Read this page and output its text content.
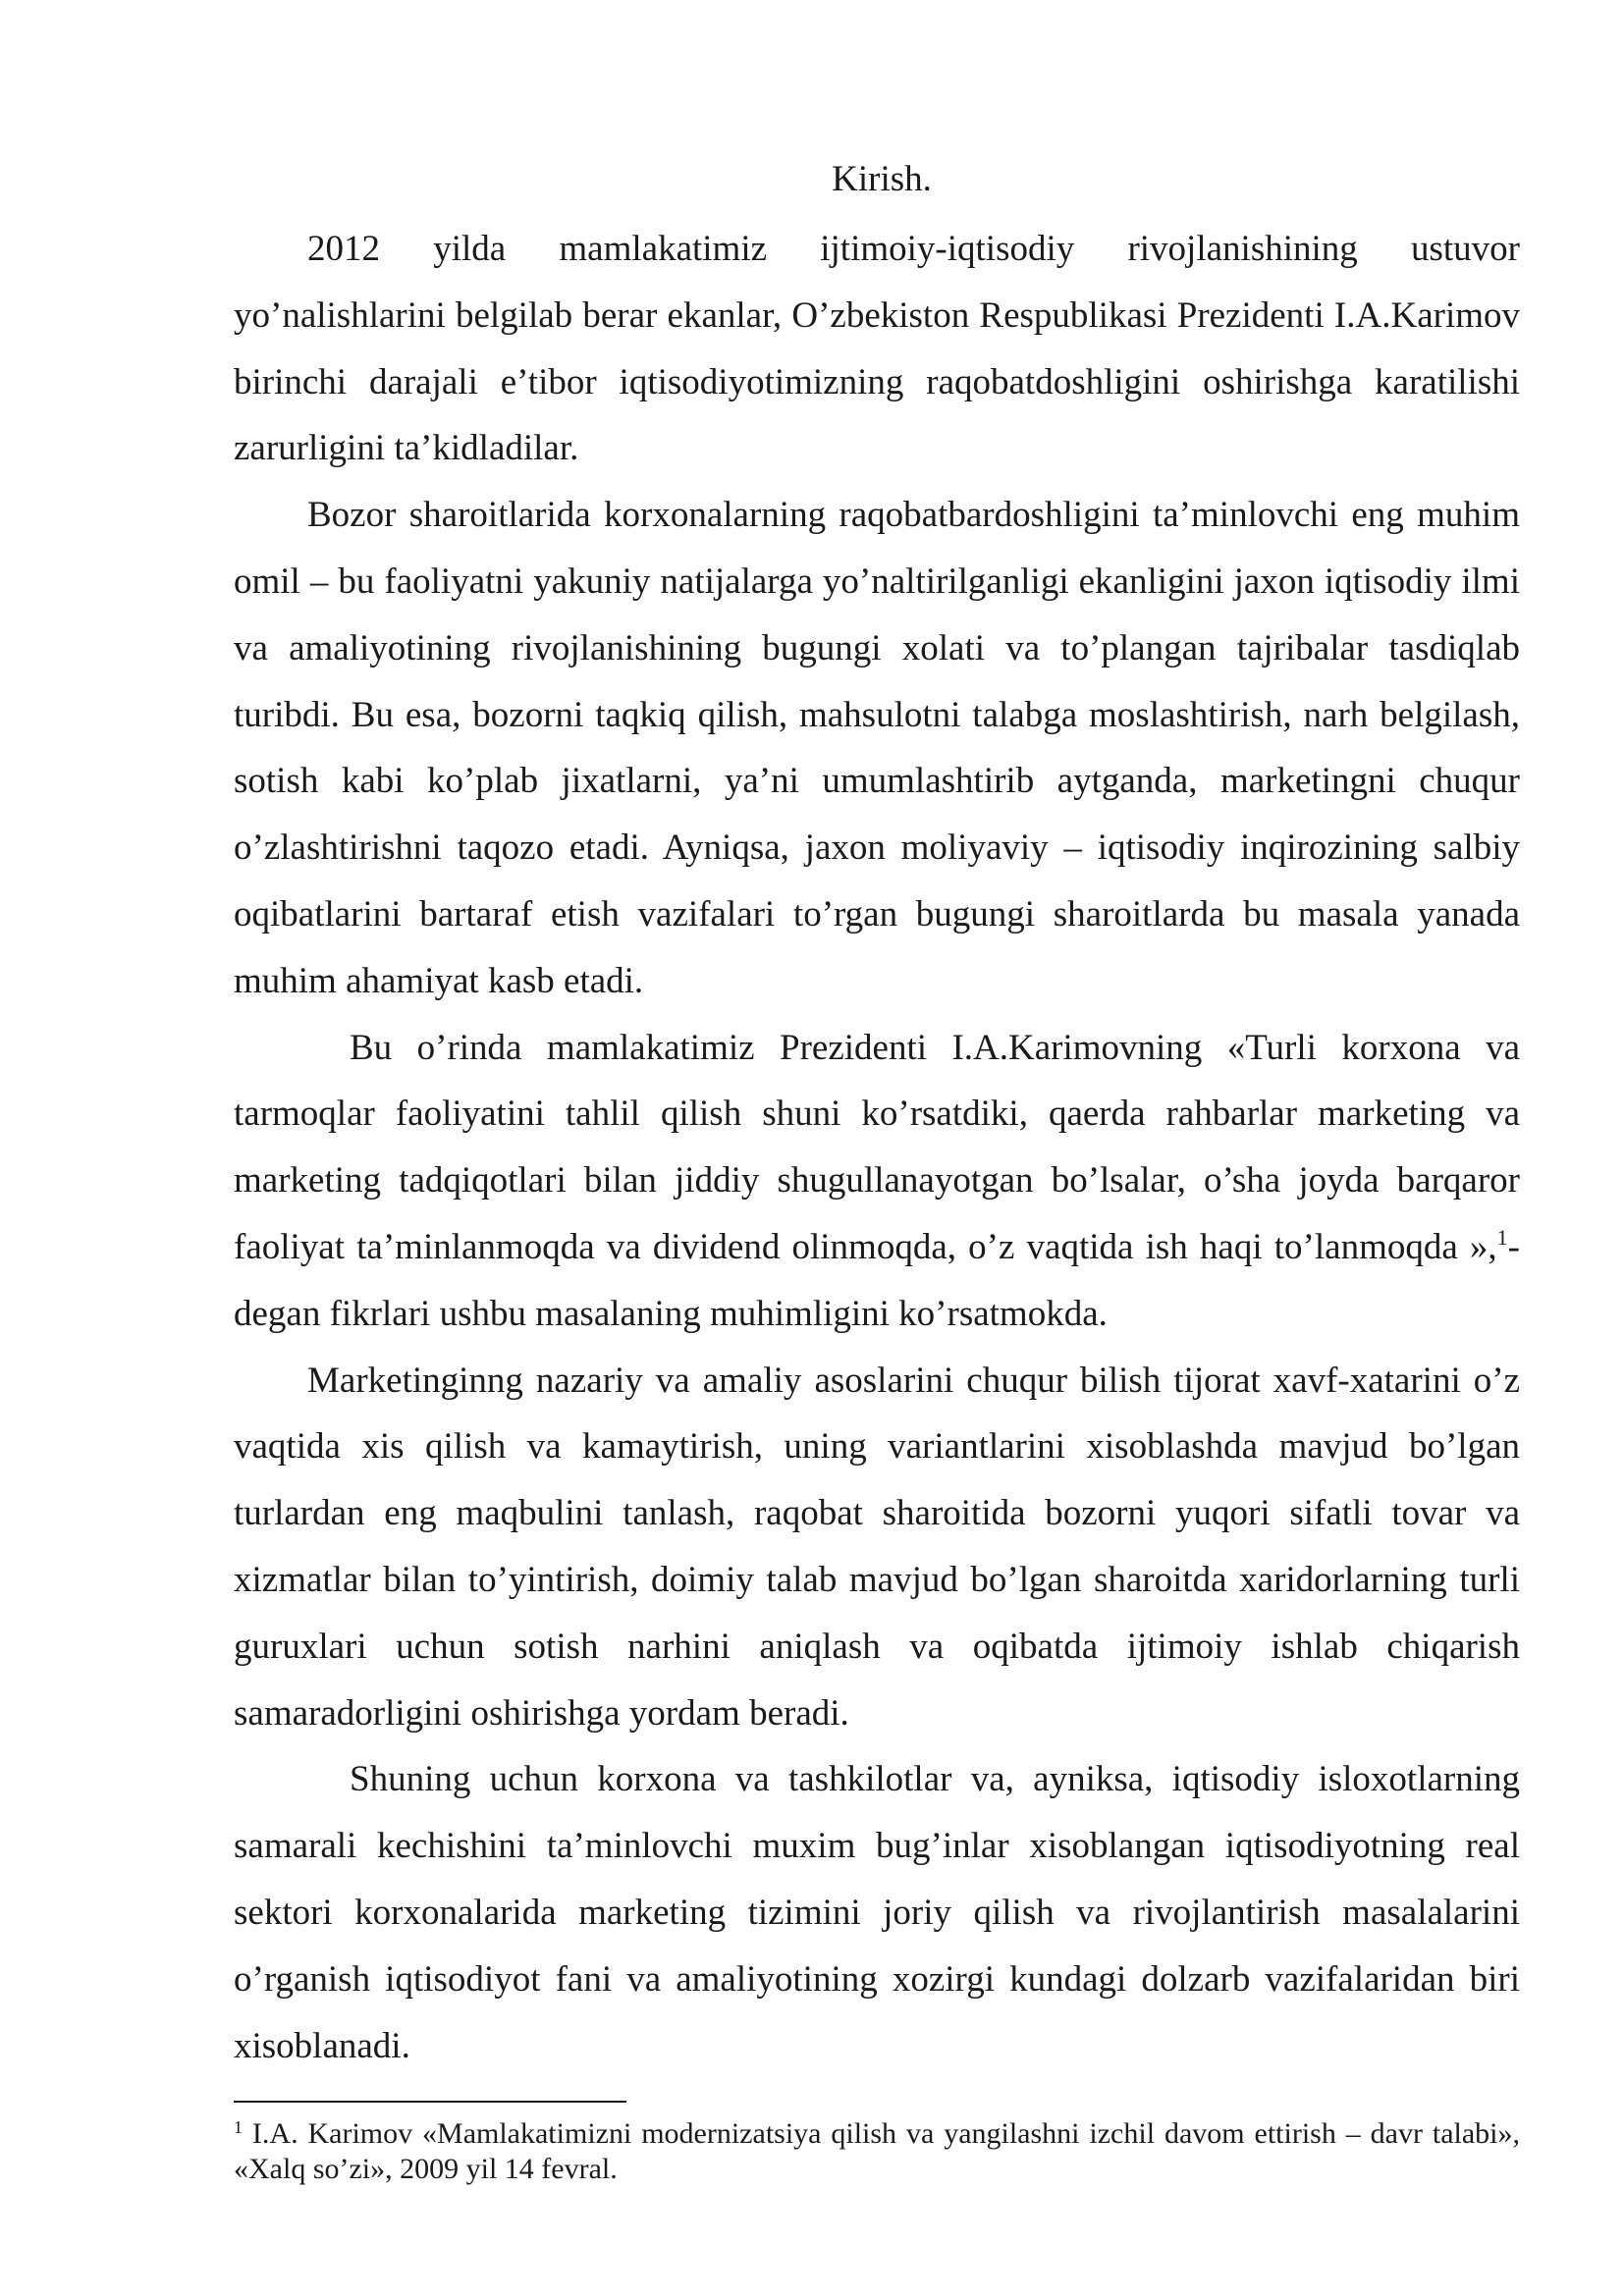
Kirish.

2012 yilda mamlakatimiz ijtimoiy-iqtisodiy rivojlanishining ustuvor yo’nalishlarini belgilab berar ekanlar, O’zbekiston Respublikasi Prezidenti I.A.Karimov birinchi darajali e’tibor iqtisodiyotimizning raqobatdoshligini oshirishga karatilishi zarurligini ta’kidladilar.

Bozor sharoitlarida korxonalarning raqobatbardoshligini ta’minlovchi eng muhim omil – bu faoliyatni yakuniy natijalarga yo’naltirilganligi ekanligini jaxon iqtisodiy ilmi va amaliyotining rivojlanishining bugungi xolati va to’plangan tajribalar tasdiqlab turibdi. Bu esa, bozorni taqkiq qilish, mahsulotni talabga moslashtirish, narh belgilash, sotish kabi ko’plab jixatlarni, ya’ni umumlashtirib aytganda, marketingni chuqur o’zlashtirishni taqozo etadi. Ayniqsa, jaxon moliyaviy – iqtisodiy inqirozining salbiy oqibatlarini bartaraf etish vazifalari to’rgan bugungi sharoitlarda bu masala yanada muhim ahamiyat kasb etadi.

Bu o’rinda mamlakatimiz Prezidenti I.A.Karimovning «Turli korxona va tarmoqlar faoliyatini tahlil qilish shuni ko’rsatdiki, qaerda rahbarlar marketing va marketing tadqiqotlari bilan jiddiy shugullanayotgan bo’lsalar, o’sha joyda barqaror faoliyat ta’minlanmoqda va dividend olinmoqda, o’z vaqtida ish haqi to’lanmoqda »,$^1$- degan fikrlari ushbu masalaning muhimligini ko’rsatmokda.

Marketinginng nazariy va amaliy asoslarini chuqur bilish tijorat xavf-xatarini o’z vaqtida xis qilish va kamaytirish, uning variantlarini xisoblashda mavjud bo’lgan turlardan eng maqbulini tanlash, raqobat sharoitida bozorni yuqori sifatli tovar va xizmatlar bilan to’yintirish, doimiy talab mavjud bo’lgan sharoitda xaridorlarning turli guruxlari uchun sotish narhini aniqlash va oqibatda ijtimoiy ishlab chiqarish samaradorligini oshirishga yordam beradi.

Shuning uchun korxona va tashkilotlar va, ayniksa, iqtisodiy isloxotlarning samarali kechishini ta’minlovchi muxim bug’inlar xisoblangan iqtisodiyotning real sektori korxonalarida marketing tizimini joriy qilish va rivojlantirish masalalarini o’rganish iqtisodiyot fani va amaliyotining xozirgi kundagi dolzarb vazifalaridan biri xisoblanadi.

$^1$ I.A. Karimov «Mamlakatimizni modernizatsiya qilish va yangilashni izchil davom ettirish – davr talabi», «Xalq so’zi», 2009 yil 14 fevral.
